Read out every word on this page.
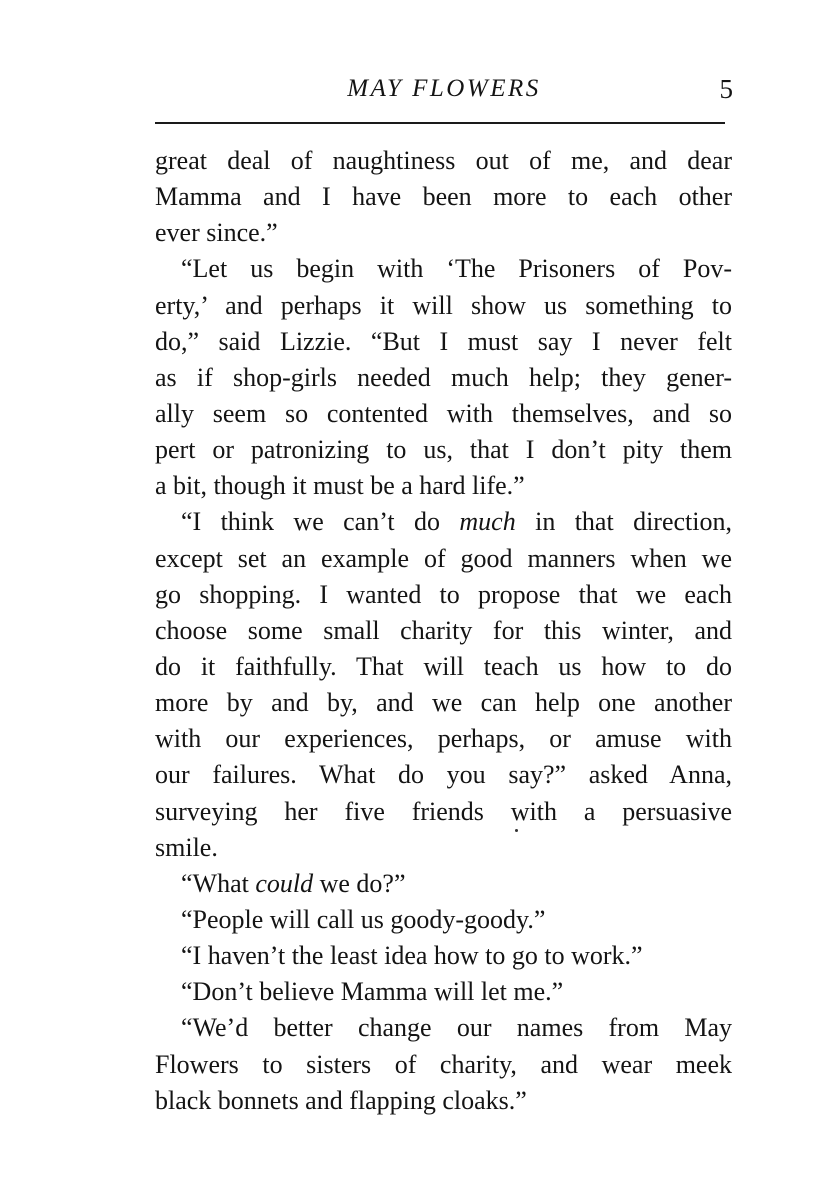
MAY FLOWERS	5
great deal of naughtiness out of me, and dear
Mamma and I have been more to each other
ever since.”
“Let us begin with ‘The Prisoners of Pov-
erty,’ and perhaps it will show us something to
do,” said Lizzie. “But I must say I never felt
as if shop-girls needed much help; they gener-
ally seem so contented with themselves, and so
pert or patronizing to us, that I don’t pity them
a bit, though it must be a hard life.”
“I think we can’t do much in that direction,
except set an example of good manners when we
go shopping. I wanted to propose that we each
choose some small charity for this winter, and
do it faithfully. That will teach us how to do
more by and by, and we can help one another
with our experiences, perhaps, or amuse with
our failures. What do you say?” asked Anna,
surveying her five friends with a persuasive
smile.
“What could we do?”
“People will call us goody-goody.”
“I haven’t the least idea how to go to work.”
“Don’t believe Mamma will let me.”
“We’d better change our names from May
Flowers to sisters of charity, and wear meek
black bonnets and flapping cloaks.”
